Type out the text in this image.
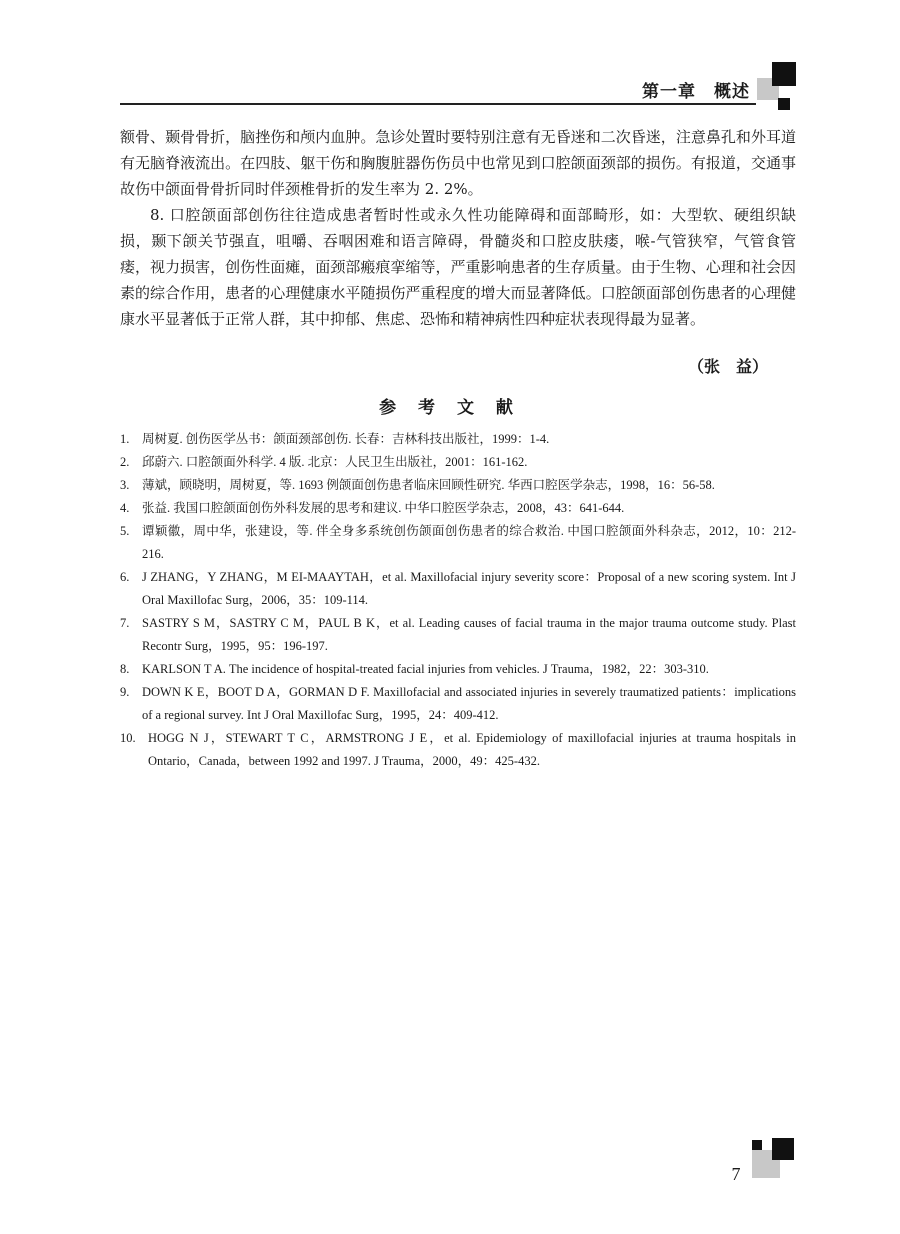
第一章　概述

额骨、颞骨骨折，脑挫伤和颅内血肿。急诊处置时要特别注意有无昏迷和二次昏迷，注意鼻孔和外耳道有无脑脊液流出。在四肢、躯干伤和胸腹脏器伤伤员中也常见到口腔颌面颈部的损伤。有报道，交通事故伤中颌面骨骨折同时伴颈椎骨折的发生率为 2. 2%。

8. 口腔颌面部创伤往往造成患者暂时性或永久性功能障碍和面部畸形，如：大型软、硬组织缺损，颞下颌关节强直，咀嚼、吞咽困难和语言障碍，骨髓炎和口腔皮肤瘘，喉-气管狭窄，气管食管瘘，视力损害，创伤性面瘫，面颈部瘢痕挛缩等，严重影响患者的生存质量。由于生物、心理和社会因素的综合作用，患者的心理健康水平随损伤严重程度的增大而显著降低。口腔颌面部创伤患者的心理健康水平显著低于正常人群，其中抑郁、焦虑、恐怖和精神病性四种症状表现得最为显著。

（张　益）
参 考 文 献
1. 周树夏. 创伤医学丛书：颌面颈部创伤. 长春：吉林科技出版社，1999：1-4.
2. 邱蔚六. 口腔颌面外科学. 4 版. 北京：人民卫生出版社，2001：161-162.
3. 薄斌，顾晓明，周树夏，等. 1693 例颌面创伤患者临床回顾性研究. 华西口腔医学杂志，1998，16：56-58.
4. 张益. 我国口腔颌面创伤外科发展的思考和建议. 中华口腔医学杂志，2008，43：641-644.
5. 谭颖徽，周中华，张建设，等. 伴全身多系统创伤颌面创伤患者的综合救治. 中国口腔颌面外科杂志，2012，10：212-216.
6. J ZHANG，Y ZHANG，M EI-MAAYTAH，et al. Maxillofacial injury severity score：Proposal of a new scoring system. Int J Oral Maxillofac Surg，2006，35：109-114.
7. SASTRY S M，SASTRY C M，PAUL B K，et al. Leading causes of facial trauma in the major trauma outcome study. Plast Recontr Surg，1995，95：196-197.
8. KARLSON T A. The incidence of hospital-treated facial injuries from vehicles. J Trauma，1982，22：303-310.
9. DOWN K E，BOOT D A，GORMAN D F. Maxillofacial and associated injuries in severely traumatized patients：implications of a regional survey. Int J Oral Maxillofac Surg，1995，24：409-412.
10. HOGG N J，STEWART T C，ARMSTRONG J E，et al. Epidemiology of maxillofacial injuries at trauma hospitals in Ontario，Canada，between 1992 and 1997. J Trauma，2000，49：425-432.
7
